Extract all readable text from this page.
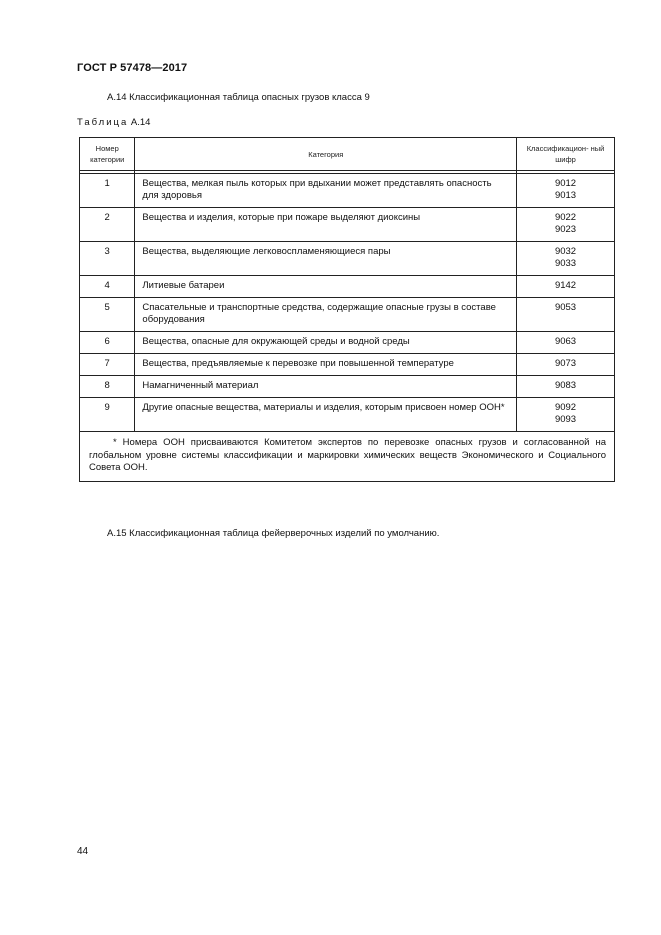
ГОСТ Р 57478—2017
А.14 Классификационная таблица опасных грузов класса 9
Таблица А.14
Номер категории	Категория	Классификацион- ный шифр

1	Вещества, мелкая пыль которых при вдыхании может представлять опасность для здоровья	9012
9013

2	Вещества и изделия, которые при пожаре выделяют диоксины	9022
9023

3	Вещества, выделяющие легковоспламеняющиеся пары	9032
9033

4	Литиевые батареи	9142

5	Спасательные и транспортные средства, содержащие опасные грузы в составе оборудования	9053

6	Вещества, опасные для окружающей среды и водной среды	9063

7	Вещества, предъявляемые к перевозке при повышенной температуре	9073

8	Намагниченный материал	9083

9	Другие опасные вещества, материалы и изделия, которым присвоен номер ООН*	9092
9093

* Номера ООН присваиваются Комитетом экспертов по перевозке опасных грузов и согласованной на глобальном уровне системы классификации и маркировки химических веществ Экономического и Социального Совета ООН.		
А.15 Классификационная таблица фейерверочных изделий по умолчанию.
44
